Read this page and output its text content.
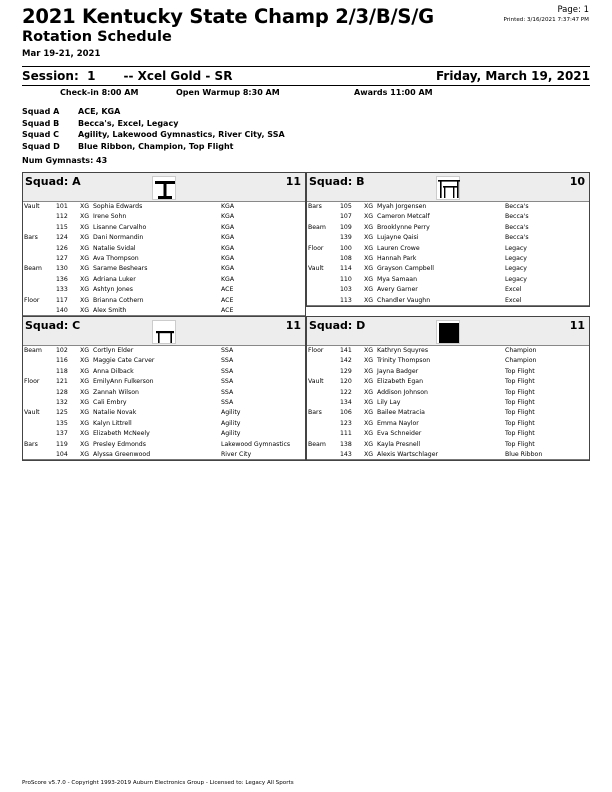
2021 Kentucky State Champ 2/3/B/S/G
Rotation Schedule
Mar 19-21, 2021
Page: 1
Printed: 3/16/2021 7:37:47 PM
Session: 1 -- Xcel Gold - SR	Friday, March 19, 2021
Check-in 8:00 AM	Open Warmup 8:30 AM	Awards 11:00 AM
Squad A	ACE, KGA
Squad B	Becca's, Excel, Legacy
Squad C	Agility, Lakewood Gymnastics, River City, SSA
Squad D	Blue Ribbon, Champion, Top Flight
Num Gymnasts: 43
Squad: A	11
Vault	101 XG Sophia Edwards	KGA
112 XG Irene Sohn	KGA
115 XG Lisanne Carvalho	KGA
Bars	124 XG Dani Normandin	KGA
126 XG Natalie Svidal	KGA
127 XG Ava Thompson	KGA
Beam 130 XG Sarame Beshears	KGA
136 XG Adriana Luker	KGA
133 XG Ashtyn Jones	ACE
Floor	117 XG Brianna Cothern	ACE
140 XG Alex Smith	ACE
Squad: B	10
Bars	105 XG Myah Jorgensen	Becca's
107 XG Cameron Metcalf	Becca's
Beam 109 XG Brooklynne Perry	Becca's
139 XG Lujayne Qaisi	Becca's
Floor	100 XG Lauren Crowe	Legacy
108 XG Hannah Park	Legacy
Vault	114 XG Grayson Campbell	Legacy
110 XG Mya Samaan	Legacy
103 XG Avery Garner	Excel
113 XG Chandler Vaughn	Excel
Squad: C	11
Beam 102 XG Cortlyn Elder	SSA
116 XG Maggie Cate Carver	SSA
118 XG Anna Dilback	SSA
Floor	121 XG EmilyAnn Fulkerson	SSA
128 XG Zannah Wilson	SSA
132 XG Cali Embry	SSA
Vault	125 XG Natalie Novak	Agility
135 XG Kalyn Littrell	Agility
137 XG Elizabeth McNeely	Agility
Bars	119 XG Presley Edmonds	Lakewood Gymnastics
104 XG Alyssa Greenwood	River City
Squad: D	11
Floor	141 XG Kathryn Squyres	Champion
142 XG Trinity Thompson	Champion
129 XG Jayna Badger	Top Flight
Vault	120 XG Elizabeth Egan	Top Flight
122 XG Addison Johnson	Top Flight
134 XG Lily Lay	Top Flight
Bars	106 XG Bailee Matracia	Top Flight
123 XG Emma Naylor	Top Flight
111 XG Eva Schneider	Top Flight
Beam 138 XG Kayla Presnell	Top Flight
143 XG Alexis Wartschlager	Blue Ribbon
ProScore v5.7.0 - Copyright 1993-2019 Auburn Electronics Group - Licensed to: Legacy All Sports
